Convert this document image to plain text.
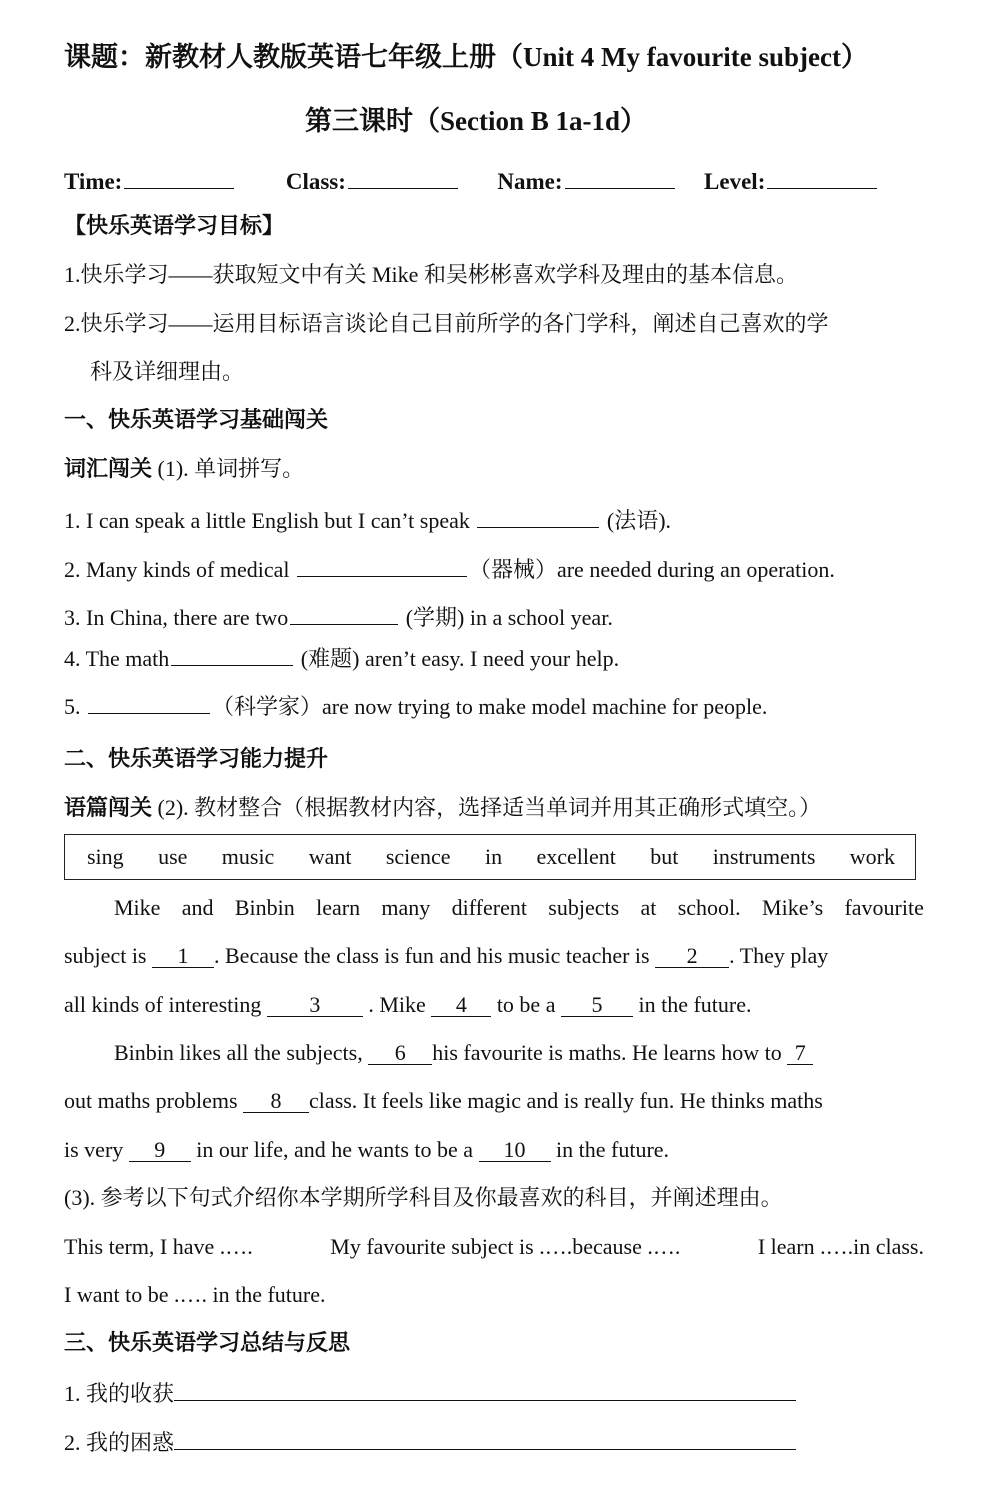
课题：新教材人教版英语七年级上册（Unit 4 My favourite subject）
第三课时（Section B 1a-1d）
Time:	Class:	Name:	Level:
【快乐英语学习目标】
1.快乐学习——获取短文中有关 Mike 和吴彬彬喜欢学科及理由的基本信息。
2.快乐学习——运用目标语言谈论自己目前所学的各门学科，阐述自己喜欢的学
科及详细理由。
一、快乐英语学习基础闯关
词汇闯关 (1). 单词拼写。
1. I can speak a little English but I can’t speak	(法语).
2. Many kinds of medical	（器械）are needed during an operation.
3. In China, there are two	(学期) in a school year.
4. The math	(难题) aren’t easy. I need your help.
5.	（科学家）are now trying to make model machine for people.
二、快乐英语学习能力提升
语篇闯关 (2). 教材整合（根据教材内容，选择适当单词并用其正确形式填空。）
sing use music want science in excellent but instruments work
Mike and Binbin learn many different subjects at school. Mike’s favourite
subject is 1 . Because the class is fun and his music teacher is 2 . They play
all kinds of interesting 3 . Mike 4 to be a 5 in the future.
Binbin likes all the subjects, 6 his favourite is maths. He learns how to 7
out maths problems 8 class. It feels like magic and is really fun. He thinks maths
is very 9 in our life, and he wants to be a 10 in the future.
(3). 参考以下句式介绍你本学期所学科目及你最喜欢的科目，并阐述理由。
This term, I have .….	My favourite subject is .….because .….	I learn .….in class.
I want to be .…. in the future.
三、快乐英语学习总结与反思
1. 我的收获
2. 我的困惑
